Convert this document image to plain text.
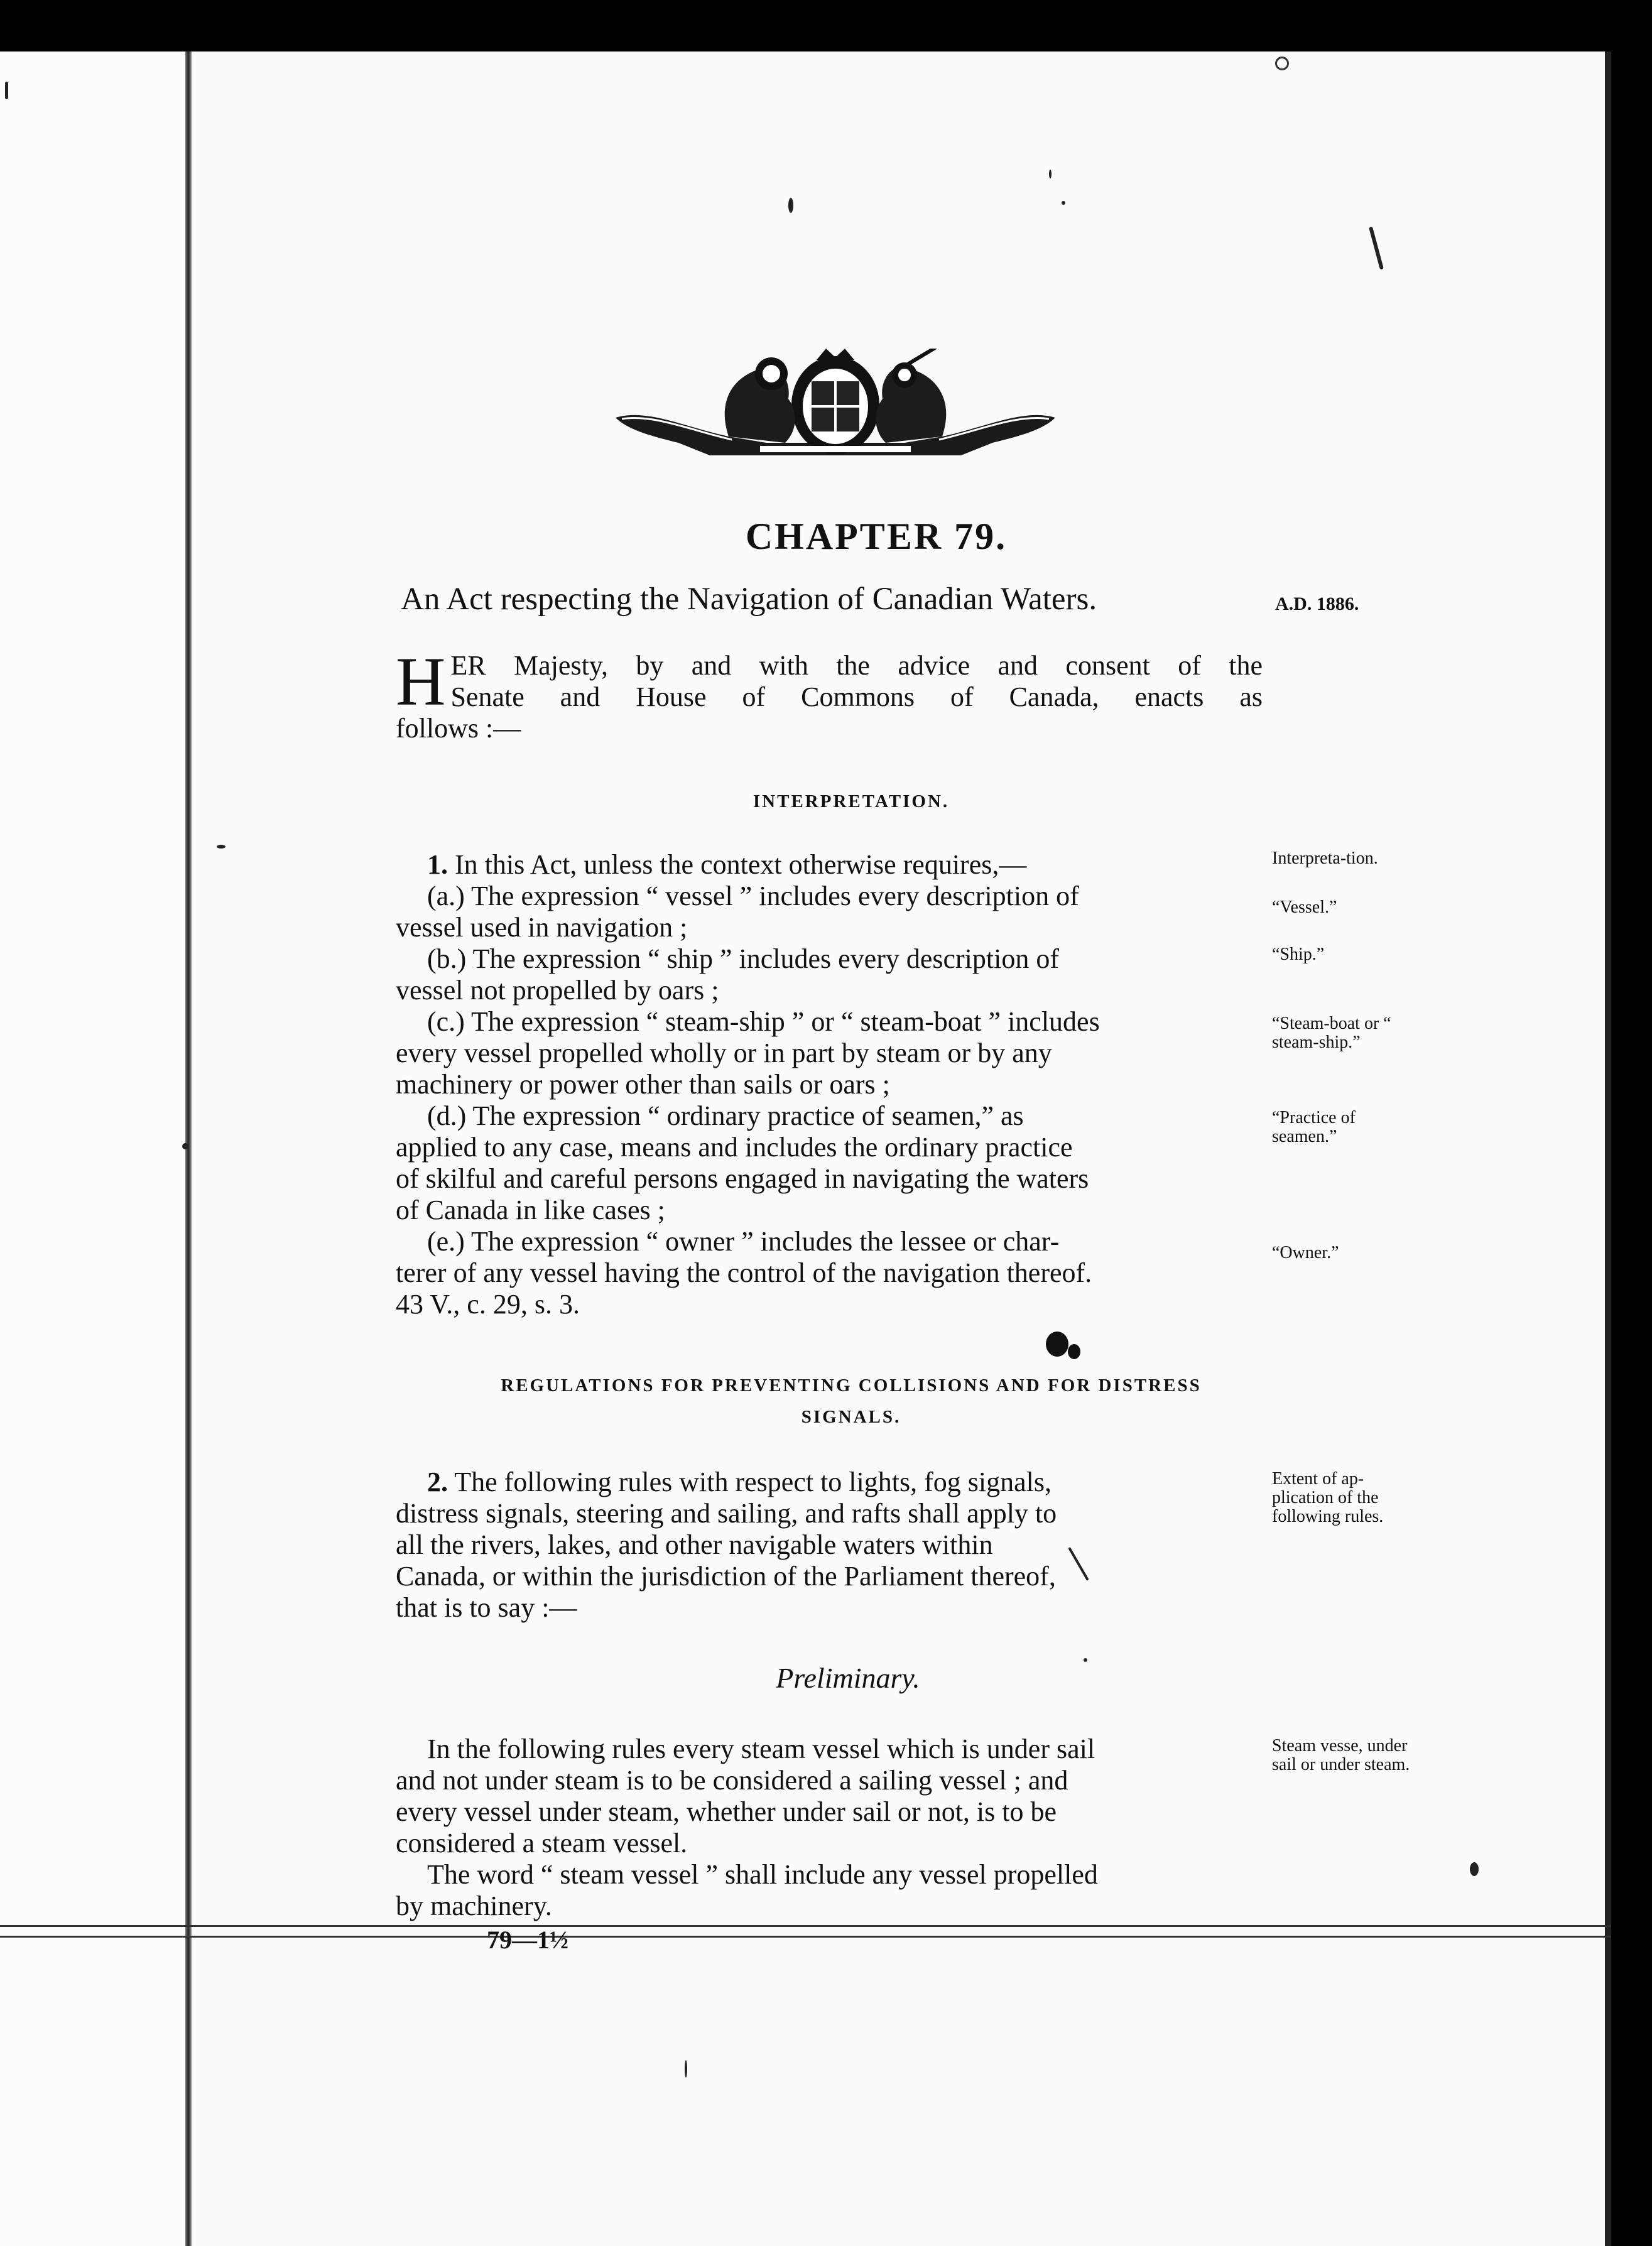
CHAPTER 79.
An Act respecting the Navigation of Canadian Waters.	A.D. 1886.
H ER Majesty, by and with the advice and consent of the
Senate and House of Commons of Canada, enacts as
follows :—
INTERPRETATION.
1. In this Act, unless the context otherwise requires,—
(a.) The expression “ vessel ” includes every description of
vessel used in navigation ;
(b.) The expression “ ship ” includes every description of
vessel not propelled by oars ;
(c.) The expression “ steam-ship ” or “ steam-boat ” includes
every vessel propelled wholly or in part by steam or by any
machinery or power other than sails or oars ;
(d.) The expression “ ordinary practice of seamen,” as
applied to any case, means and includes the ordinary practice
of skilful and careful persons engaged in navigating the waters
of Canada in like cases ;
(e.) The expression “ owner ” includes the lessee or char-
terer of any vessel having the control of the navigation thereof.
43 V., c. 29, s. 3.
Interpreta-tion.
“Vessel.”
“Ship.”
“Steam-boat or “ steam-ship.”
“Practice of seamen.”
“Owner.”
REGULATIONS FOR PREVENTING COLLISIONS AND FOR DISTRESS
SIGNALS.
2. The following rules with respect to lights, fog signals,
distress signals, steering and sailing, and rafts shall apply to
all the rivers, lakes, and other navigable waters within
Canada, or within the jurisdiction of the Parliament thereof,
that is to say :—
Extent of ap-plication of the following rules.
Preliminary.
In the following rules every steam vessel which is under sail
and not under steam is to be considered a sailing vessel ; and
every vessel under steam, whether under sail or not, is to be
considered a steam vessel.
The word “ steam vessel ” shall include any vessel propelled
by machinery.
Steam vesse, under sail or under steam.
79—1½
